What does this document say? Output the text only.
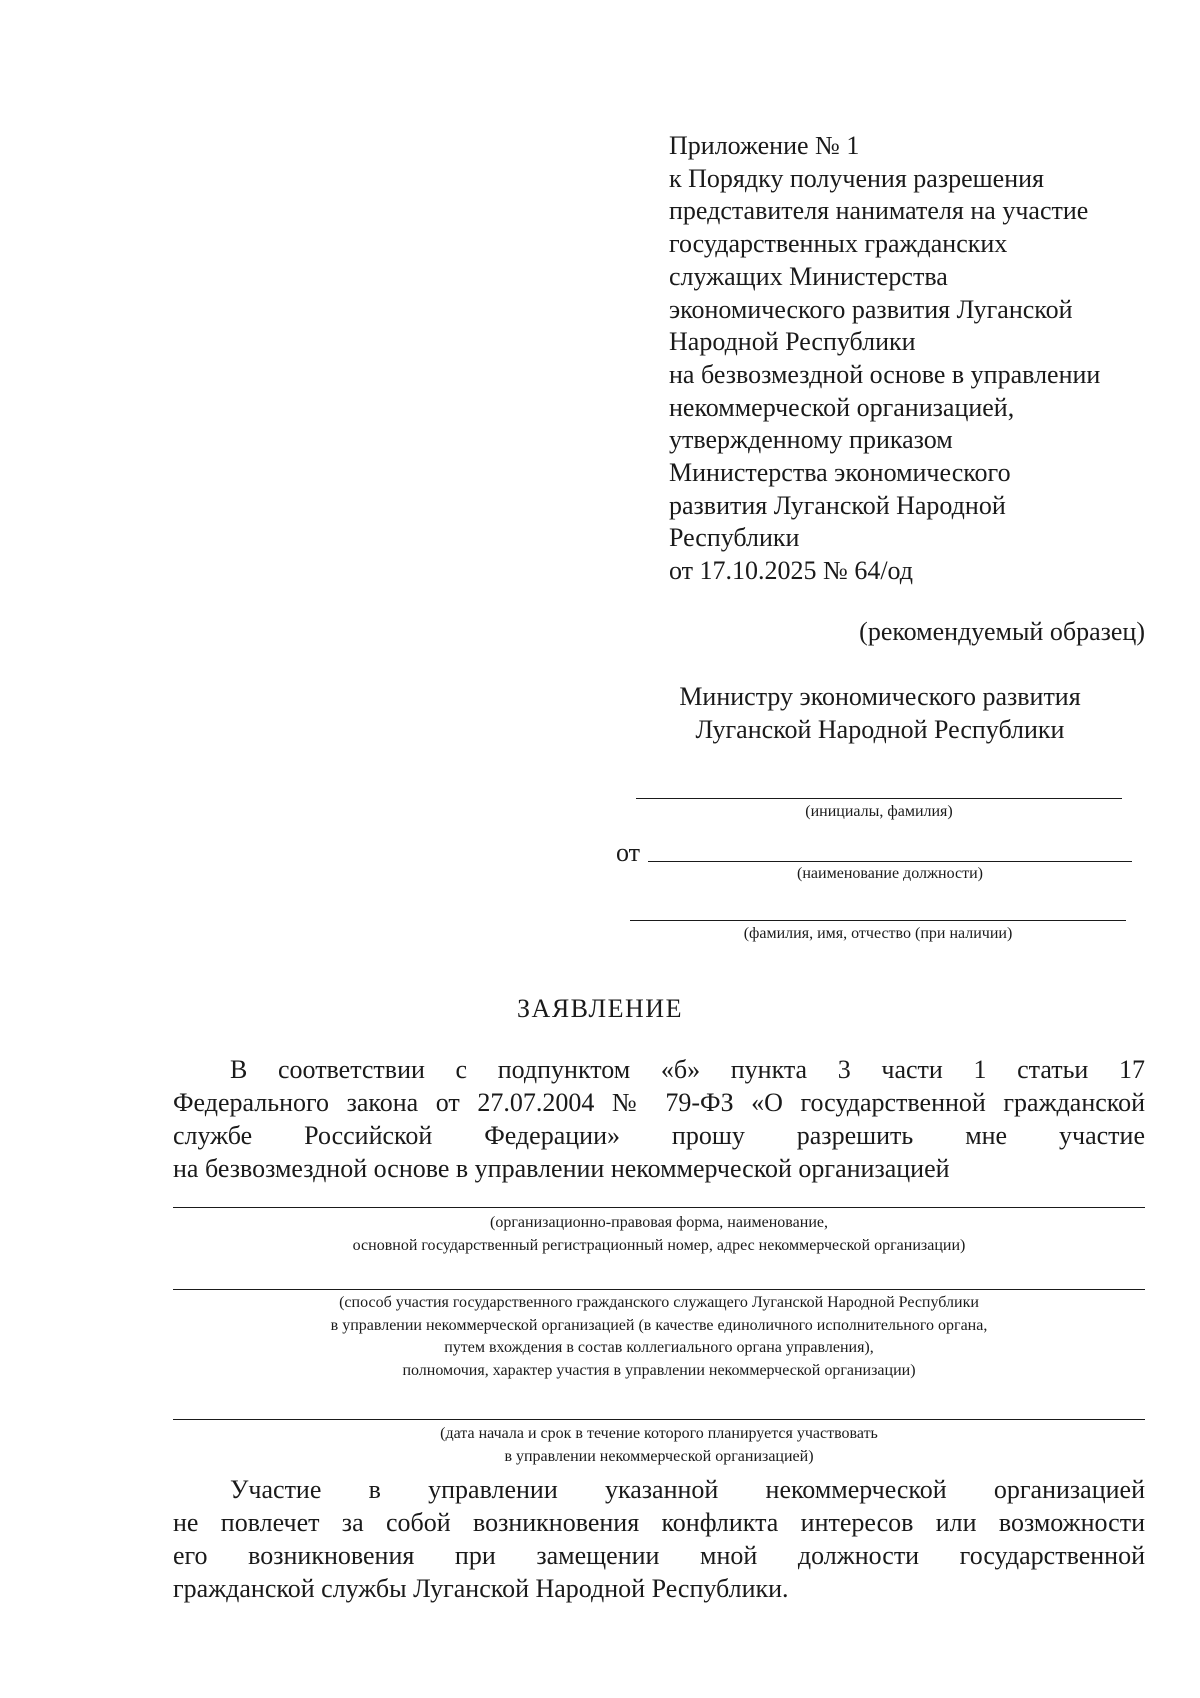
Приложение № 1
к Порядку получения разрешения
представителя нанимателя на участие
государственных гражданских
служащих Министерства
экономического развития Луганской
Народной Республики
на безвозмездной основе в управлении
некоммерческой организацией,
утвержденному приказом
Министерства экономического
развития Луганской Народной
Республики
от 17.10.2025 № 64/од
(рекомендуемый образец)
Министру экономического развития
Луганской Народной Республики
(инициалы, фамилия)
от
(наименование должности)
(фамилия, имя, отчество (при наличии)
ЗАЯВЛЕНИЕ
В соответствии с подпунктом «б» пункта 3 части 1 статьи 17
Федерального закона от 27.07.2004 № 79-ФЗ «О государственной гражданской
службе Российской Федерации» прошу разрешить мне участие
на безвозмездной основе в управлении некоммерческой организацией
(организационно-правовая форма, наименование,
основной государственный регистрационный номер, адрес некоммерческой организации)
(способ участия государственного гражданского служащего Луганской Народной Республики
в управлении некоммерческой организацией (в качестве единоличного исполнительного органа,
путем вхождения в состав коллегиального органа управления),
полномочия, характер участия в управлении некоммерческой организации)
(дата начала и срок в течение которого планируется участвовать
в управлении некоммерческой организацией)
Участие в управлении указанной некоммерческой организацией
не повлечет за собой возникновения конфликта интересов или возможности
его возникновения при замещении мной должности государственной
гражданской службы Луганской Народной Республики.
